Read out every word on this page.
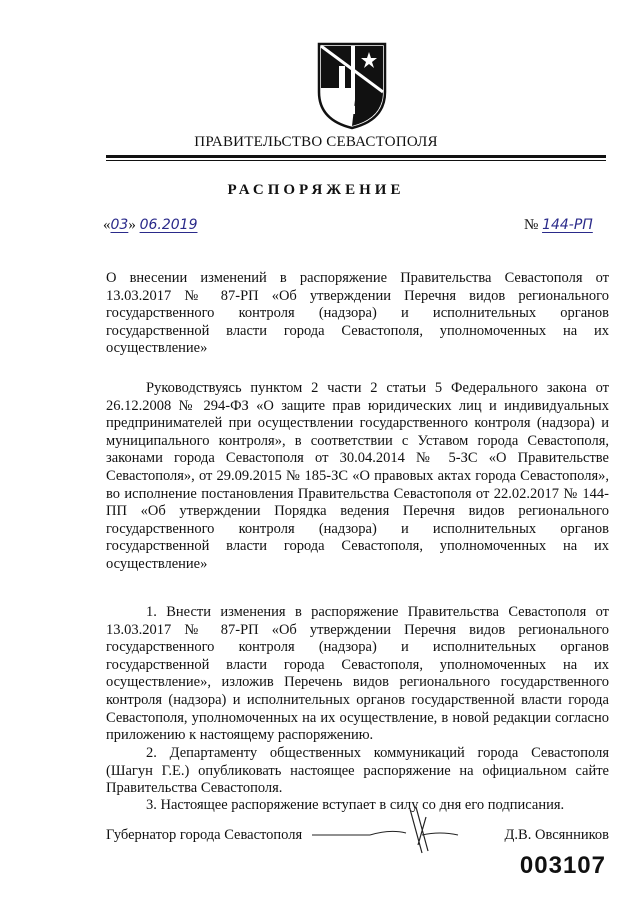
ПРАВИТЕЛЬСТВО СЕВАСТОПОЛЯ
РАСПОРЯЖЕНИЕ
«03» 06.2019	№ 144-РП

О внесении изменений в распоряжение Правительства Севастополя от 13.03.2017 № 87-РП «Об утверждении Перечня видов регионального государственного контроля (надзора) и исполнительных органов государственной власти города Севастополя, уполномоченных на их осуществление»

Руководствуясь пунктом 2 части 2 статьи 5 Федерального закона от 26.12.2008 № 294-ФЗ «О защите прав юридических лиц и индивидуальных предпринимателей при осуществлении государственного контроля (надзора) и муниципального контроля», в соответствии с Уставом города Севастополя, законами города Севастополя от 30.04.2014 № 5-ЗС «О Правительстве Севастополя», от 29.09.2015 № 185-ЗС «О правовых актах города Севастополя», во исполнение постановления Правительства Севастополя от 22.02.2017 № 144-ПП «Об утверждении Порядка ведения Перечня видов регионального государственного контроля (надзора) и исполнительных органов государственной власти города Севастополя, уполномоченных на их осуществление»

1. Внести изменения в распоряжение Правительства Севастополя от 13.03.2017 № 87-РП «Об утверждении Перечня видов регионального государственного контроля (надзора) и исполнительных органов государственной власти города Севастополя, уполномоченных на их осуществление», изложив Перечень видов регионального государственного контроля (надзора) и исполнительных органов государственной власти города Севастополя, уполномоченных на их осуществление, в новой редакции согласно приложению к настоящему распоряжению.

2. Департаменту общественных коммуникаций города Севастополя (Шагун Г.Е.) опубликовать настоящее распоряжение на официальном сайте Правительства Севастополя.

3. Настоящее распоряжение вступает в силу со дня его подписания.

Губернатор города Севастополя	Д.В. Овсянников
003107
